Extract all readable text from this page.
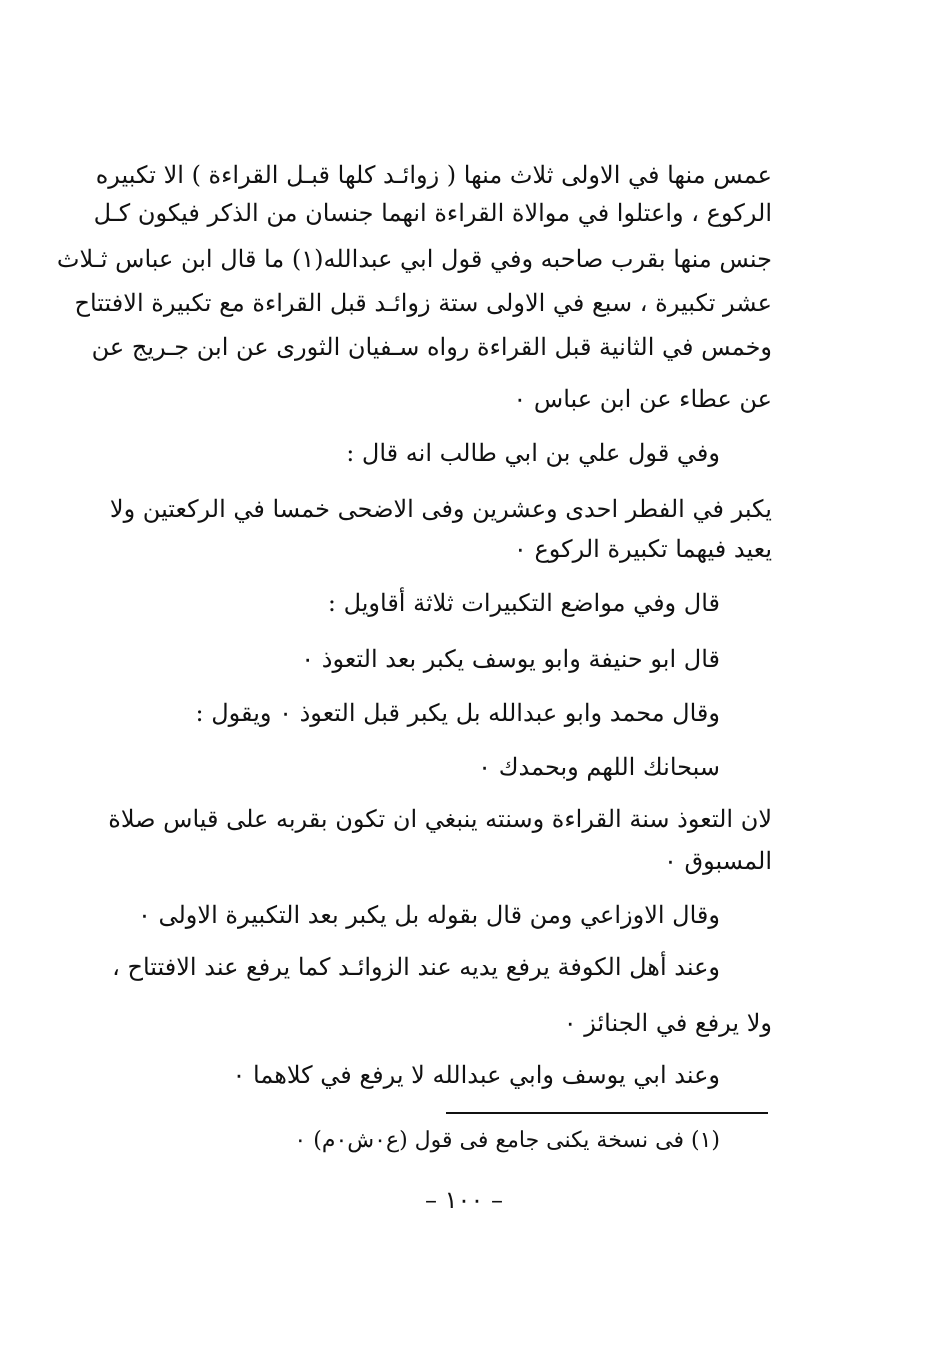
عمس منها في الاولى ثلاث منها ( زوائـد كلها قبـل القراءة ) الا تكبيره
الركوع ، واعتلوا في موالاة القراءة انهما جنسان من الذكر فيكون كـل
جنس منها بقرب صاحبه وفي قول ابي عبدالله(١) ما قال ابن عباس ثـلاث
عشر تكبيرة ، سبع في الاولى ستة زوائـد قبل القراءة مع تكبيرة الافتتاح
وخمس في الثانية قبل القراءة رواه سـفيان الثورى عن ابن جـريج عن
عن عطاء عن ابن عباس ٠
وفي قول علي بن ابي طالب انه قال :
يكبر في الفطر احدى وعشرين وفى الاضحى خمسا في الركعتين ولا
يعيد فيهما تكبيرة الركوع ٠
قال وفي مواضع التكبيرات ثلاثة أقاويل :
قال ابو حنيفة وابو يوسف يكبر بعد التعوذ ٠
وقال محمد وابو عبدالله بل يكبر قبل التعوذ ٠ ويقول :
سبحانك اللهم وبحمدك ٠
لان التعوذ سنة القراءة وسنته ينبغي ان تكون بقربه على قياس صلاة
المسبوق ٠
وقال الاوزاعي ومن قال بقوله بل يكبر بعد التكبيرة الاولى ٠
وعند أهل الكوفة يرفع يديه عند الزوائـد كما يرفع عند الافتتاح ،
ولا يرفع في الجنائز ٠
وعند ابي يوسف وابي عبدالله لا يرفع في كلاهما ٠
(١) فى نسخة يكنى جامع فى قول (ع٠ش٠م) ٠
– ١٠٠ –
